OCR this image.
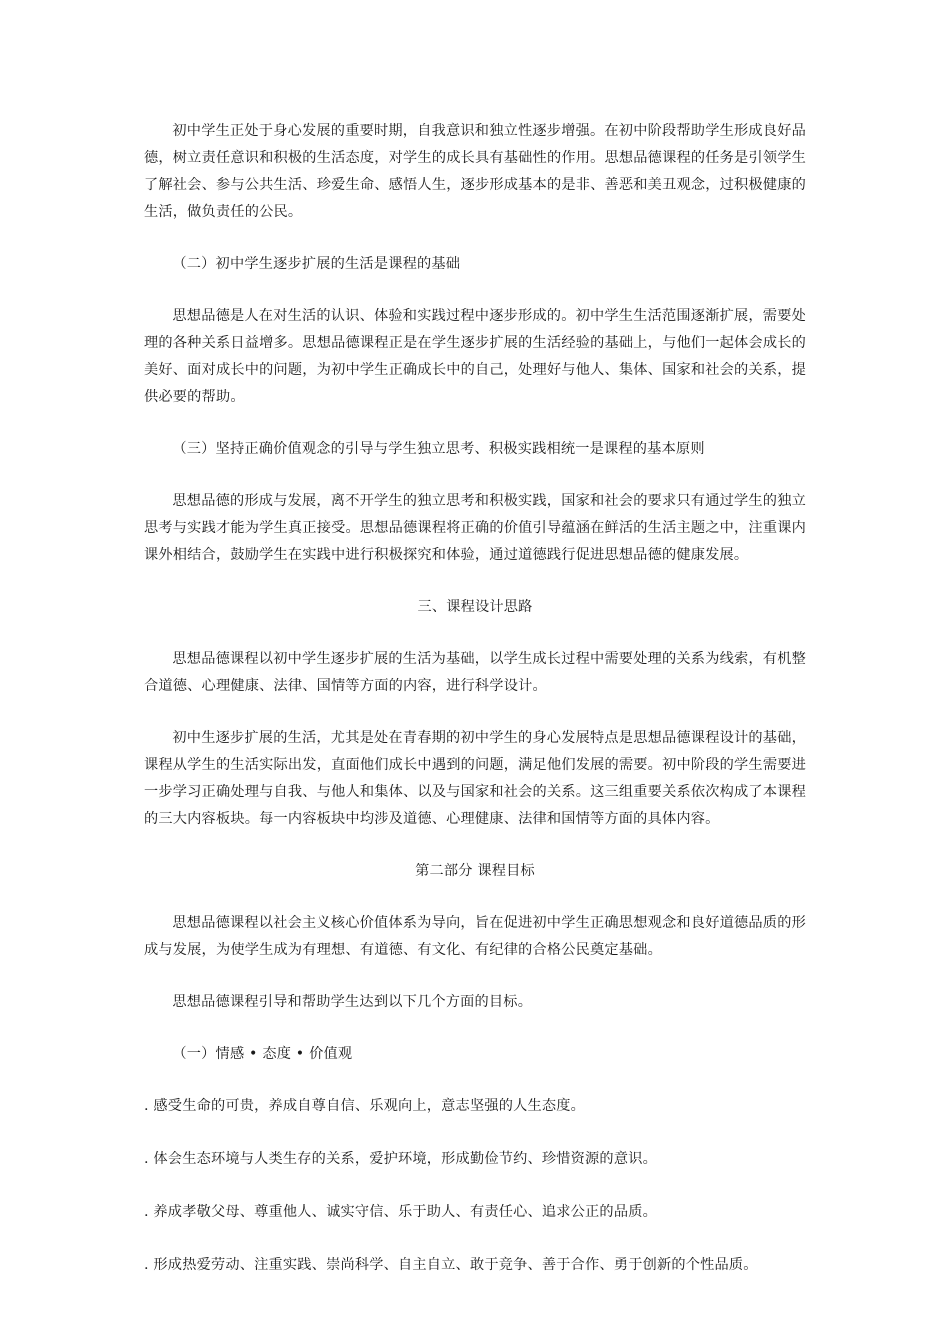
初中学生正处于身心发展的重要时期，自我意识和独立性逐步增强。在初中阶段帮助学生形成良好品德，树立责任意识和积极的生活态度，对学生的成长具有基础性的作用。思想品德课程的任务是引领学生了解社会、参与公共生活、珍爱生命、感悟人生，逐步形成基本的是非、善恶和美丑观念，过积极健康的生活，做负责任的公民。

（二）初中学生逐步扩展的生活是课程的基础

思想品德是人在对生活的认识、体验和实践过程中逐步形成的。初中学生生活范围逐渐扩展，需要处理的各种关系日益增多。思想品德课程正是在学生逐步扩展的生活经验的基础上，与他们一起体会成长的美好、面对成长中的问题，为初中学生正确成长中的自己，处理好与他人、集体、国家和社会的关系，提供必要的帮助。

（三）坚持正确价值观念的引导与学生独立思考、积极实践相统一是课程的基本原则

思想品德的形成与发展，离不开学生的独立思考和积极实践，国家和社会的要求只有通过学生的独立思考与实践才能为学生真正接受。思想品德课程将正确的价值引导蕴涵在鲜活的生活主题之中，注重课内课外相结合，鼓励学生在实践中进行积极探究和体验，通过道德践行促进思想品德的健康发展。

三、课程设计思路

思想品德课程以初中学生逐步扩展的生活为基础，以学生成长过程中需要处理的关系为线索，有机整合道德、心理健康、法律、国情等方面的内容，进行科学设计。

初中生逐步扩展的生活，尤其是处在青春期的初中学生的身心发展特点是思想品德课程设计的基础，课程从学生的生活实际出发，直面他们成长中遇到的问题，满足他们发展的需要。初中阶段的学生需要进一步学习正确处理与自我、与他人和集体、以及与国家和社会的关系。这三组重要关系依次构成了本课程的三大内容板块。每一内容板块中均涉及道德、心理健康、法律和国情等方面的具体内容。

第二部分 课程目标

思想品德课程以社会主义核心价值体系为导向，旨在促进初中学生正确思想观念和良好道德品质的形成与发展，为使学生成为有理想、有道德、有文化、有纪律的合格公民奠定基础。

思想品德课程引导和帮助学生达到以下几个方面的目标。

（一）情感 • 态度 • 价值观

. 感受生命的可贵，养成自尊自信、乐观向上，意志坚强的人生态度。

. 体会生态环境与人类生存的关系，爱护环境，形成勤俭节约、珍惜资源的意识。

. 养成孝敬父母、尊重他人、诚实守信、乐于助人、有责任心、追求公正的品质。

. 形成热爱劳动、注重实践、崇尚科学、自主自立、敢于竞争、善于合作、勇于创新的个性品质。
